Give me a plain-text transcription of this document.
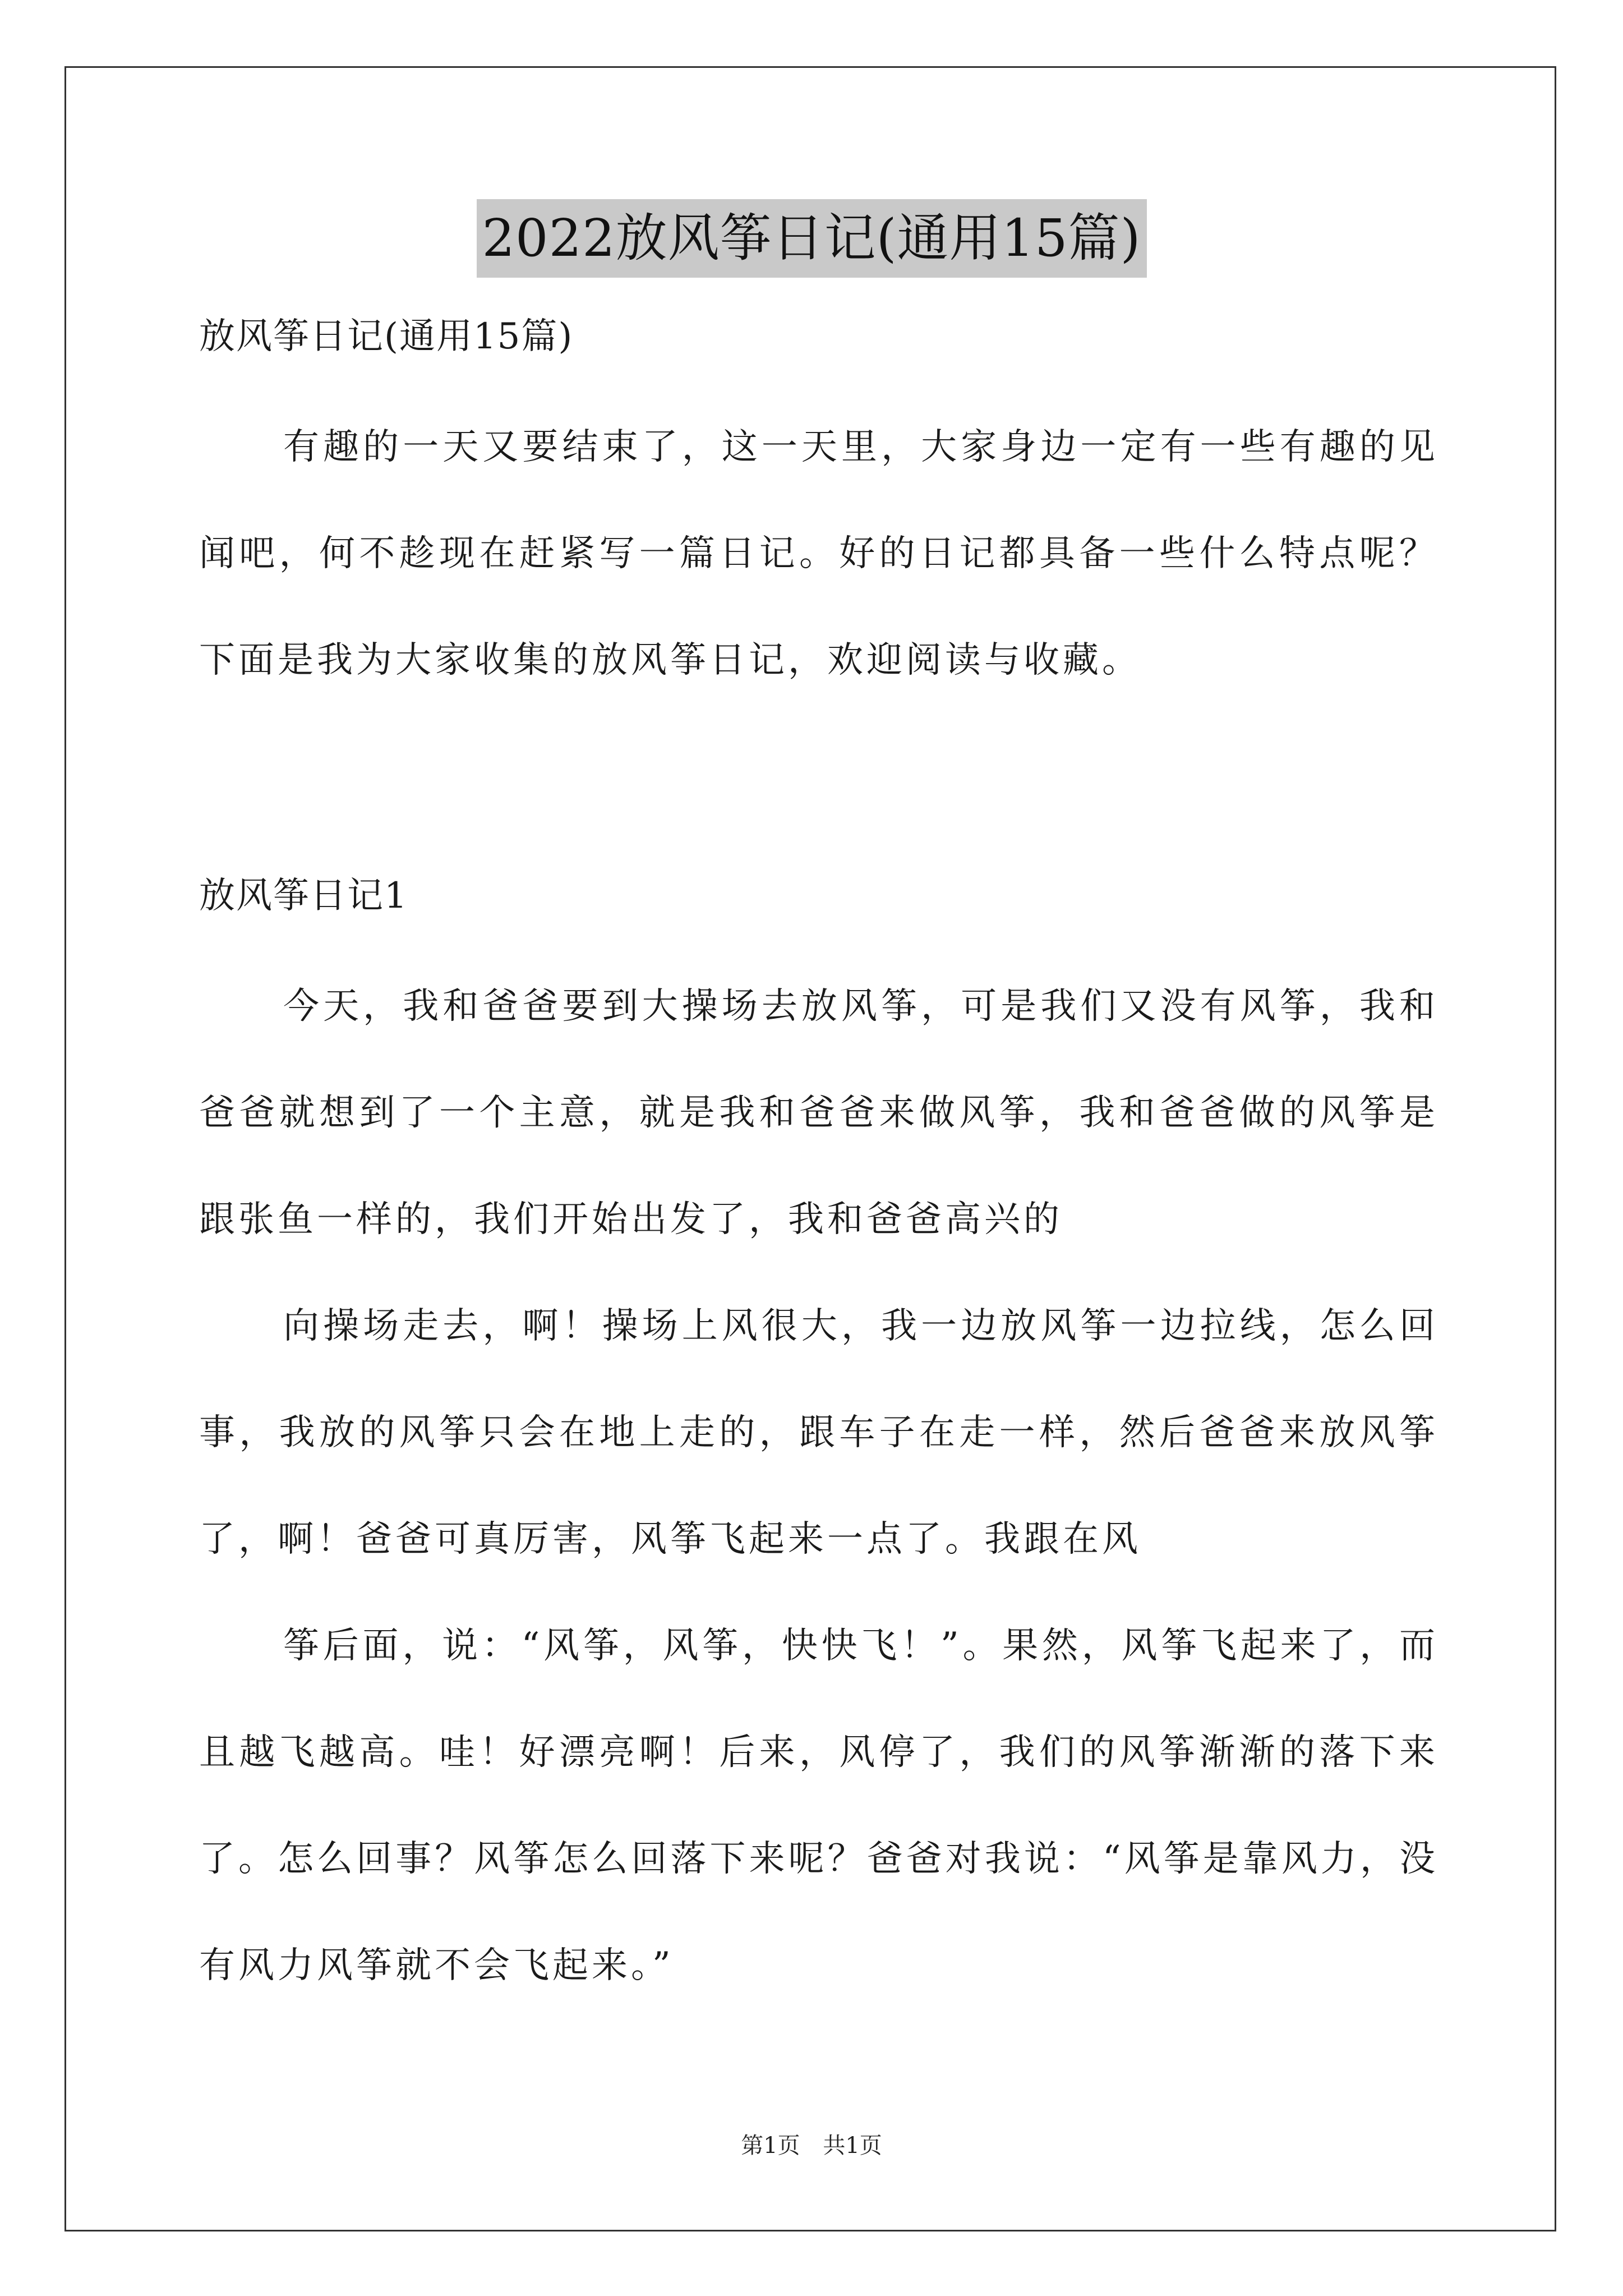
2022放风筝日记(通用15篇)
放风筝日记(通用15篇)

有趣的一天又要结束了，这一天里，大家身边一定有一些有趣的见闻吧，何不趁现在赶紧写一篇日记。好的日记都具备一些什么特点呢？下面是我为大家收集的放风筝日记，欢迎阅读与收藏。

放风筝日记1

今天，我和爸爸要到大操场去放风筝，可是我们又没有风筝，我和爸爸就想到了一个主意，就是我和爸爸来做风筝，我和爸爸做的风筝是跟张鱼一样的，我们开始出发了，我和爸爸高兴的

向操场走去，啊！操场上风很大，我一边放风筝一边拉线，怎么回事，我放的风筝只会在地上走的，跟车子在走一样，然后爸爸来放风筝了，啊！爸爸可真厉害，风筝飞起来一点了。我跟在风

筝后面，说：“风筝，风筝，快快飞！”。果然，风筝飞起来了，而且越飞越高。哇！好漂亮啊！后来，风停了，我们的风筝渐渐的落下来了。怎么回事？风筝怎么回落下来呢？爸爸对我说：“风筝是靠风力，没有风力风筝就不会飞起来。”

第1页 共1页
